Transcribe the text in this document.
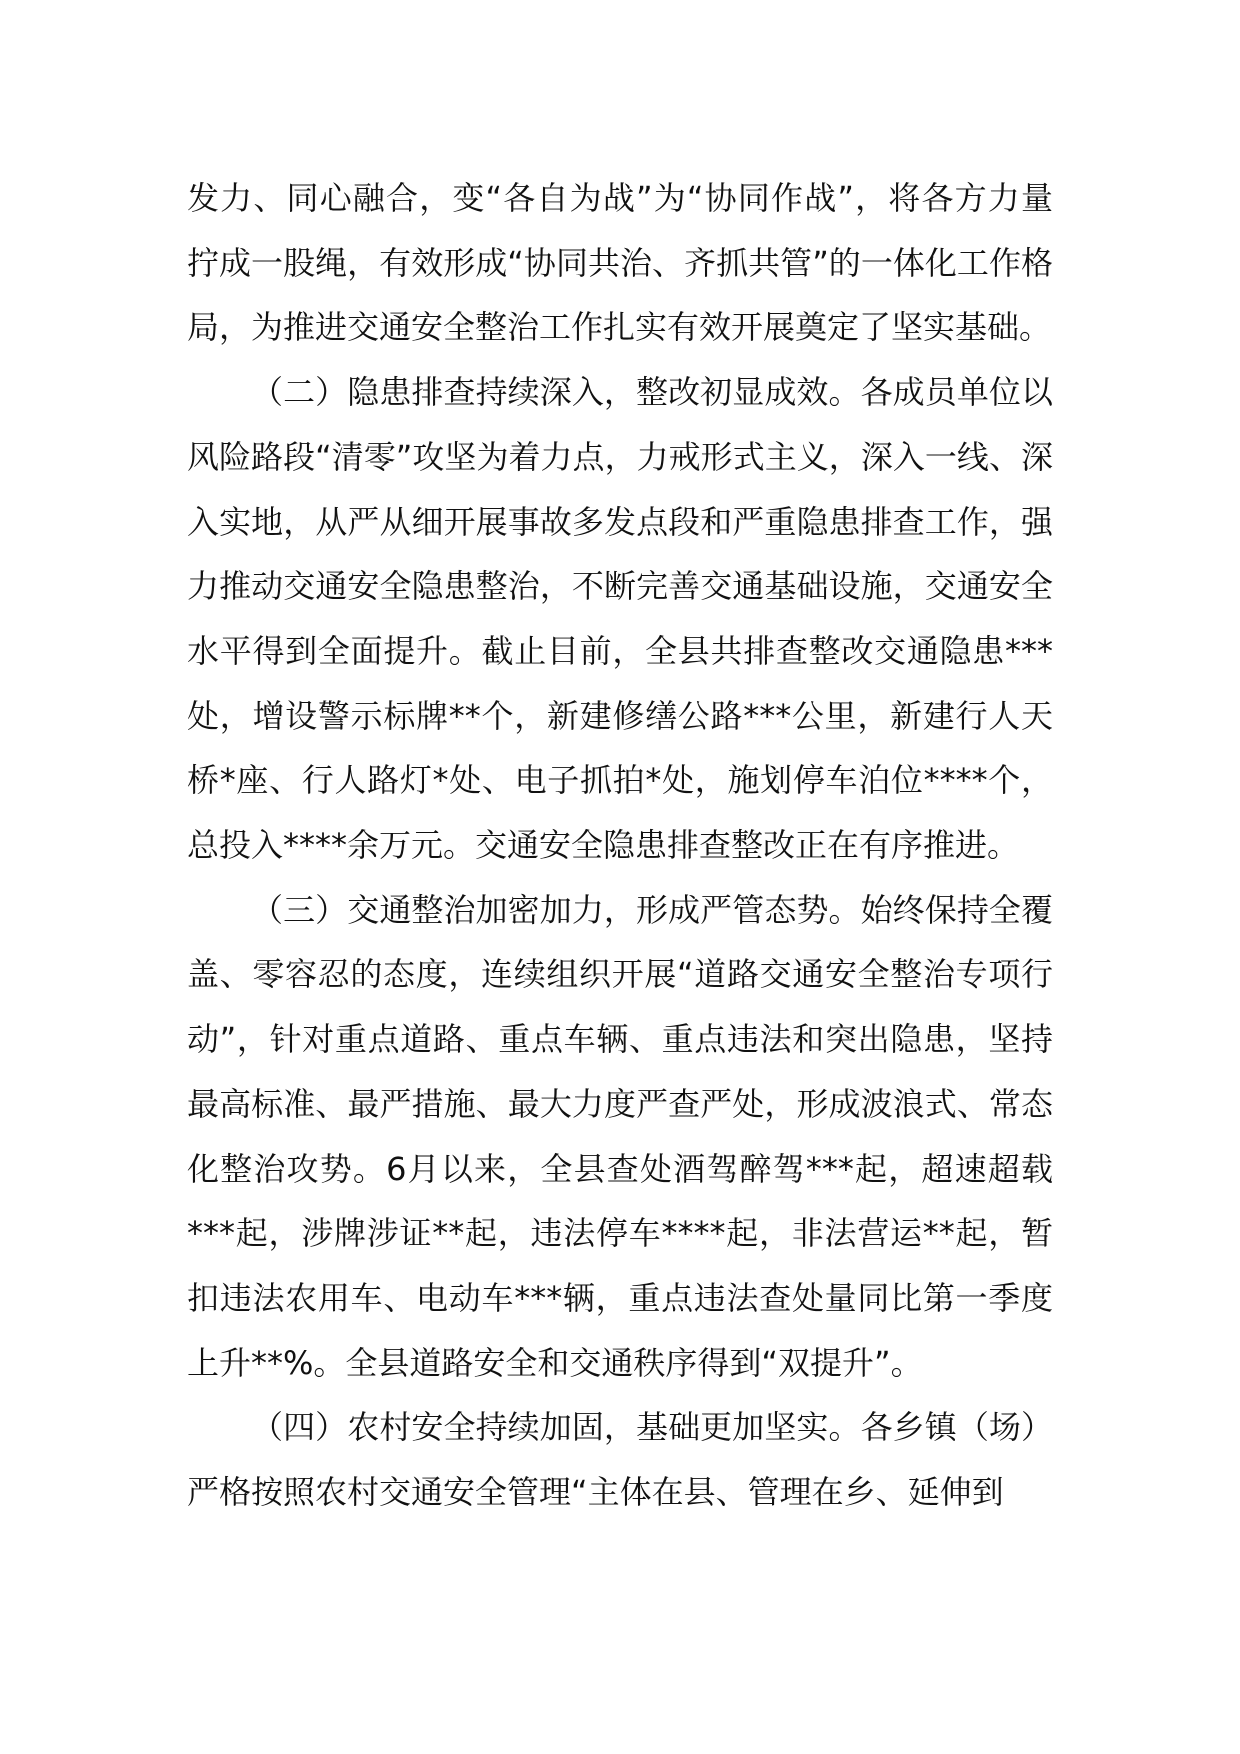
发力、同心融合，变“各自为战”为“协同作战”，将各方力量拧成一股绳，有效形成“协同共治、齐抓共管”的一体化工作格局，为推进交通安全整治工作扎实有效开展奠定了坚实基础。

（二）隐患排查持续深入，整改初显成效。各成员单位以风险路段“清零”攻坚为着力点，力戒形式主义，深入一线、深入实地，从严从细开展事故多发点段和严重隐患排查工作，强力推动交通安全隐患整治，不断完善交通基础设施，交通安全水平得到全面提升。截止目前，全县共排查整改交通隐患***处，增设警示标牌**个，新建修缮公路***公里，新建行人天桥*座、行人路灯*处、电子抓拍*处，施划停车泊位****个，总投入****余万元。交通安全隐患排查整改正在有序推进。

（三）交通整治加密加力，形成严管态势。始终保持全覆盖、零容忍的态度，连续组织开展“道路交通安全整治专项行动”，针对重点道路、重点车辆、重点违法和突出隐患，坚持最高标准、最严措施、最大力度严查严处，形成波浪式、常态化整治攻势。6月以来，全县查处酒驾醉驾***起，超速超载***起，涉牌涉证**起，违法停车****起，非法营运**起，暂扣违法农用车、电动车***辆，重点违法查处量同比第一季度上升**%。全县道路安全和交通秩序得到“双提升”。

（四）农村安全持续加固，基础更加坚实。各乡镇（场）严格按照农村交通安全管理“主体在县、管理在乡、延伸到
